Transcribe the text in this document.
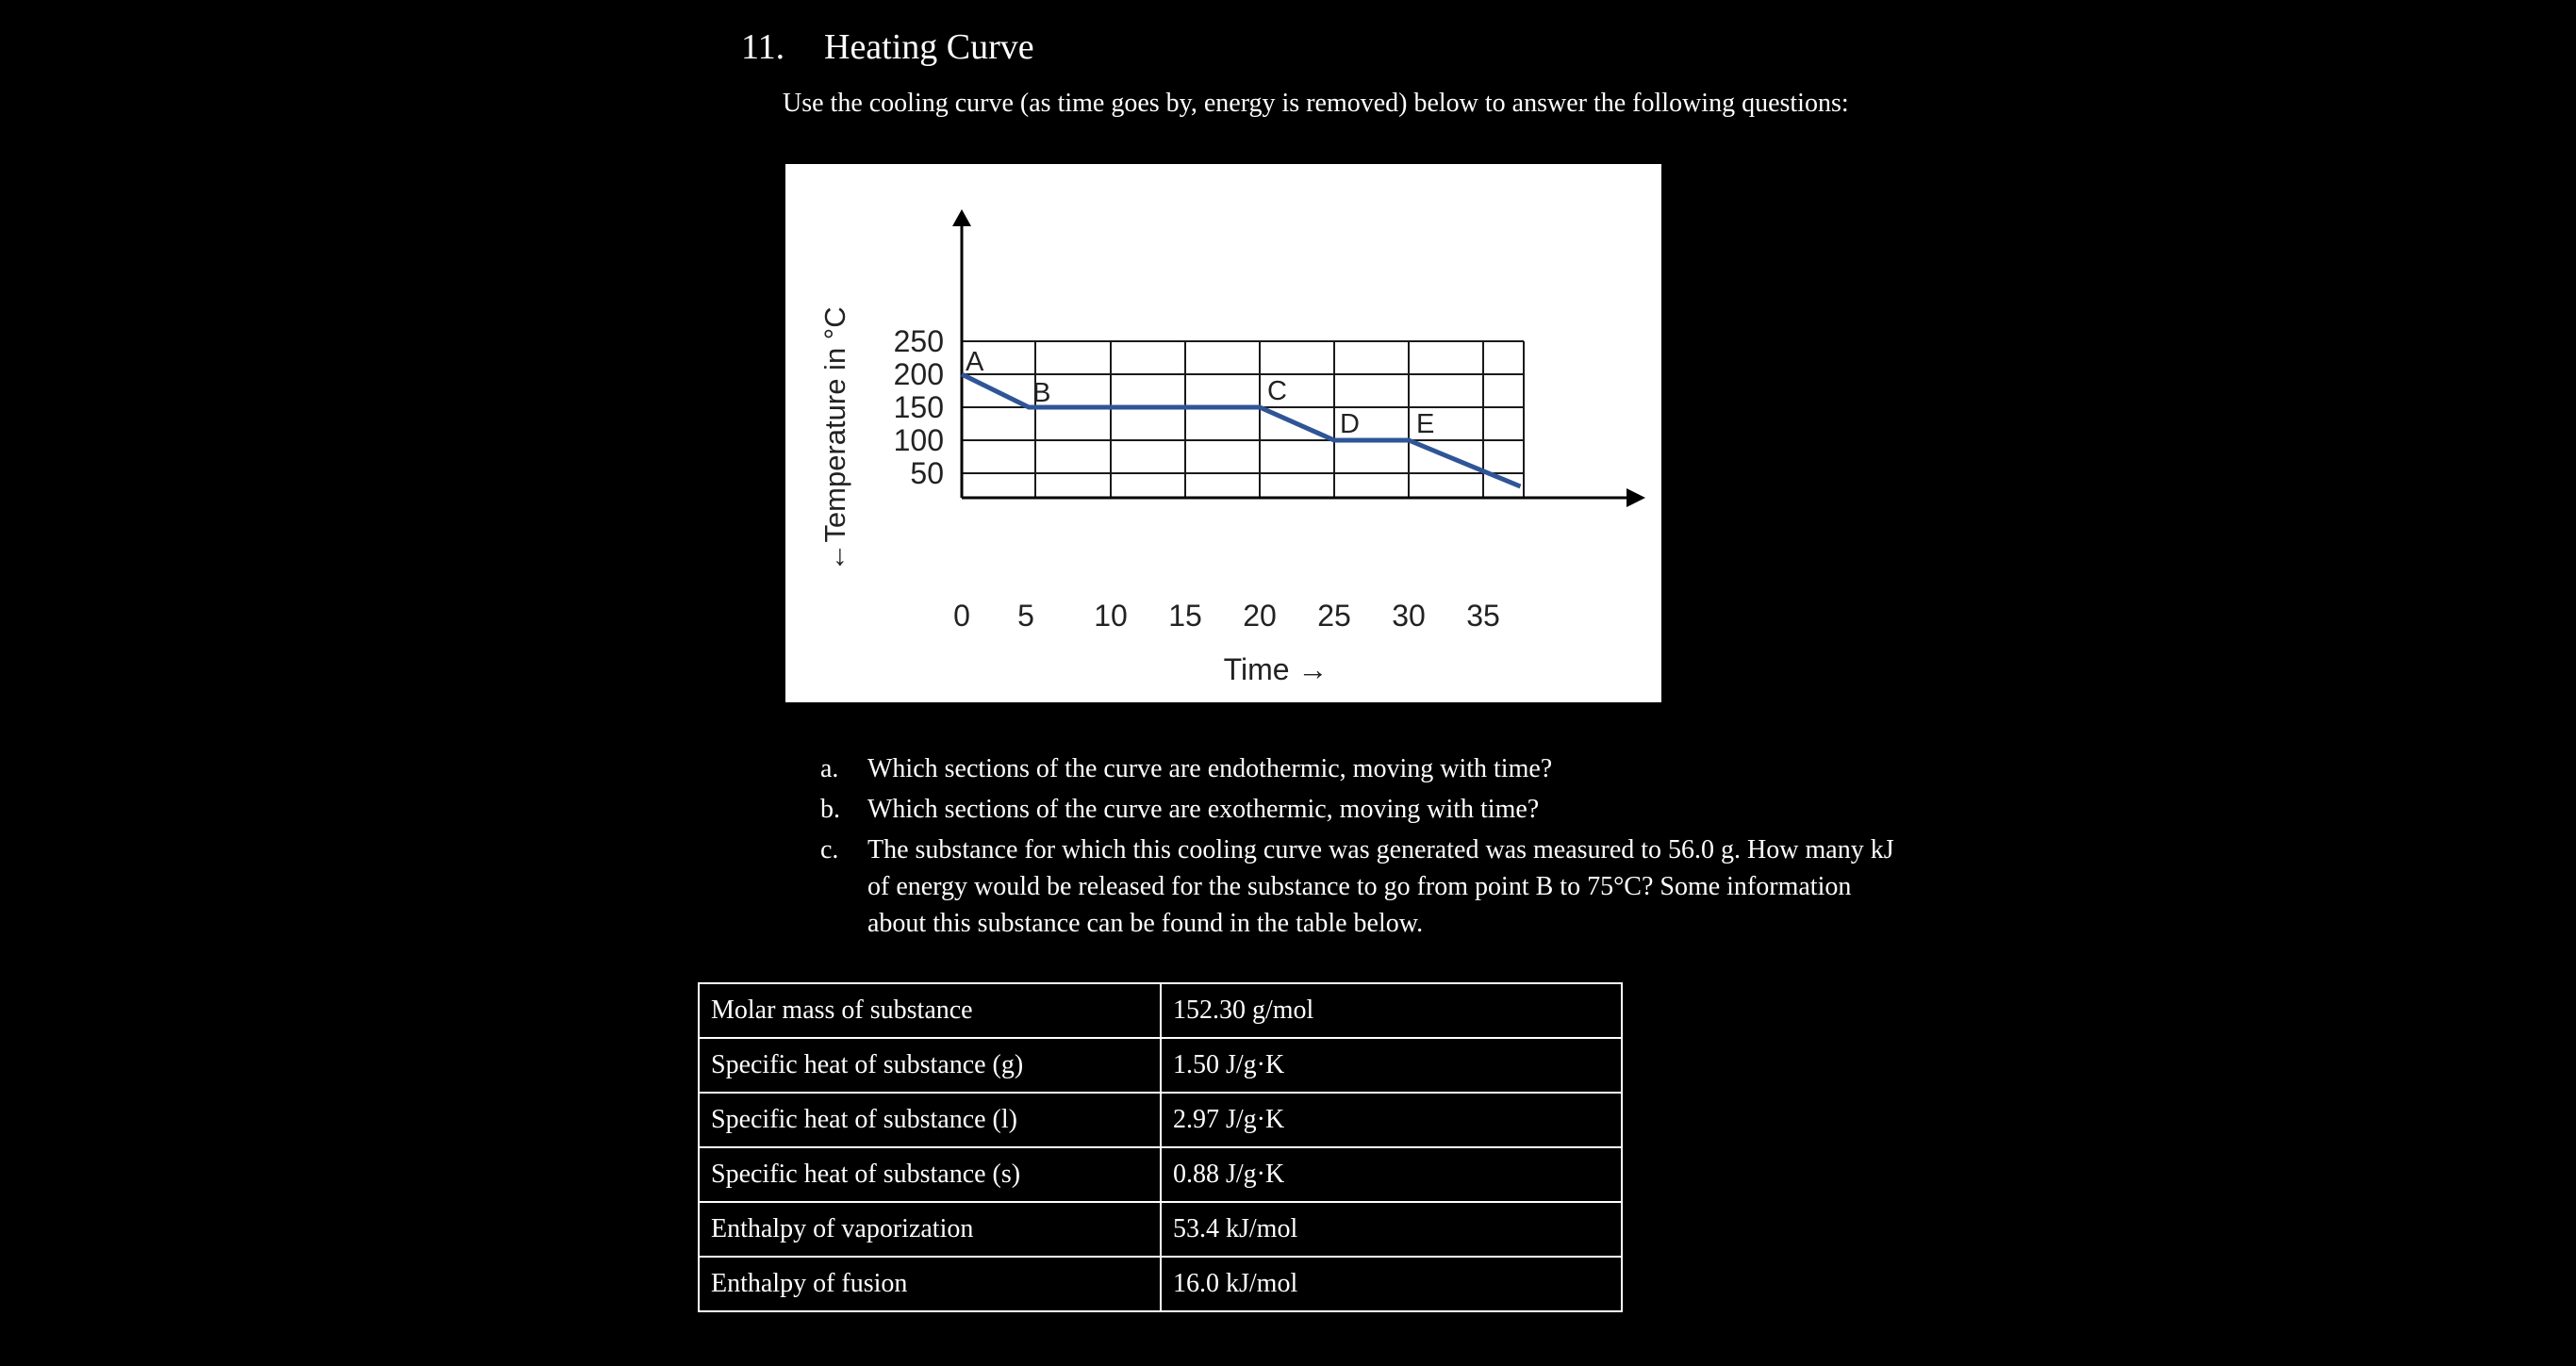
11. Heating Curve
Use the cooling curve (as time goes by, energy is removed) below to answer the following questions:
50
100
150
200
250
0 5 10 15 20 25 30 35
Time →
←Temperature in °C	A
B	C
D E
a. Which sections of the curve are endothermic, moving with time?
b. Which sections of the curve are exothermic, moving with time?
c. The substance for which this cooling curve was generated was measured to 56.0 g. How many kJ of energy would be released for the substance to go from point B to 75°C? Some information about this substance can be found in the table below.
Molar mass of substance	152.30 g/mol
Specific heat of substance (g)	1.50 J/g·K
Specific heat of substance (l)	2.97 J/g·K
Specific heat of substance (s)	0.88 J/g·K
Enthalpy of vaporization	53.4 kJ/mol
Enthalpy of fusion	16.0 kJ/mol
